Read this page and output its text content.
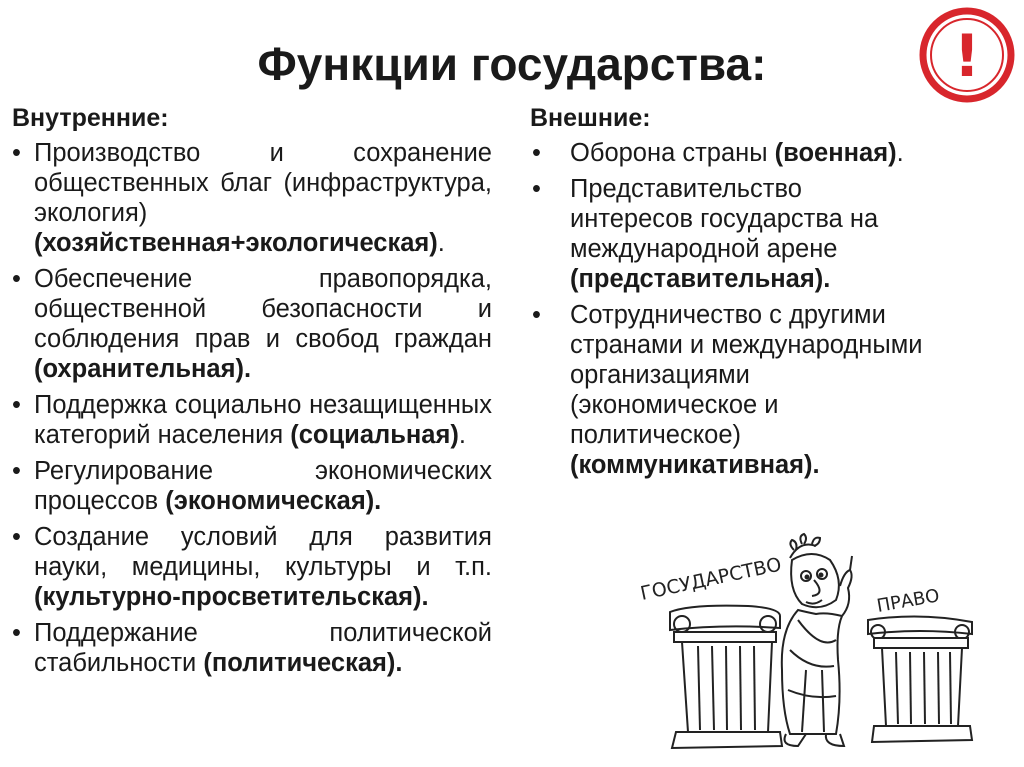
Функции государства:	!
Внутренние:
• Производство и сохранение общественных благ (инфраструктура, экология) (хозяйственная+экологическая).
• Обеспечение правопорядка, общественной безопасности и соблюдения прав и свобод граждан (охранительная).
• Поддержка социально незащищенных категорий населения (социальная).
• Регулирование экономических процессов (экономическая).
• Создание условий для развития науки, медицины, культуры и т.п. (культурно-просветительская).
• Поддержание политической стабильности (политическая).
Внешние:
• Оборона страны (военная).
• Представительство интересов государства на международной арене (представительная).
• Сотрудничество с другими странами и международными организациями (экономическое и политическое) (коммуникативная).
ГОСУДАРСТВО	ПРАВО
